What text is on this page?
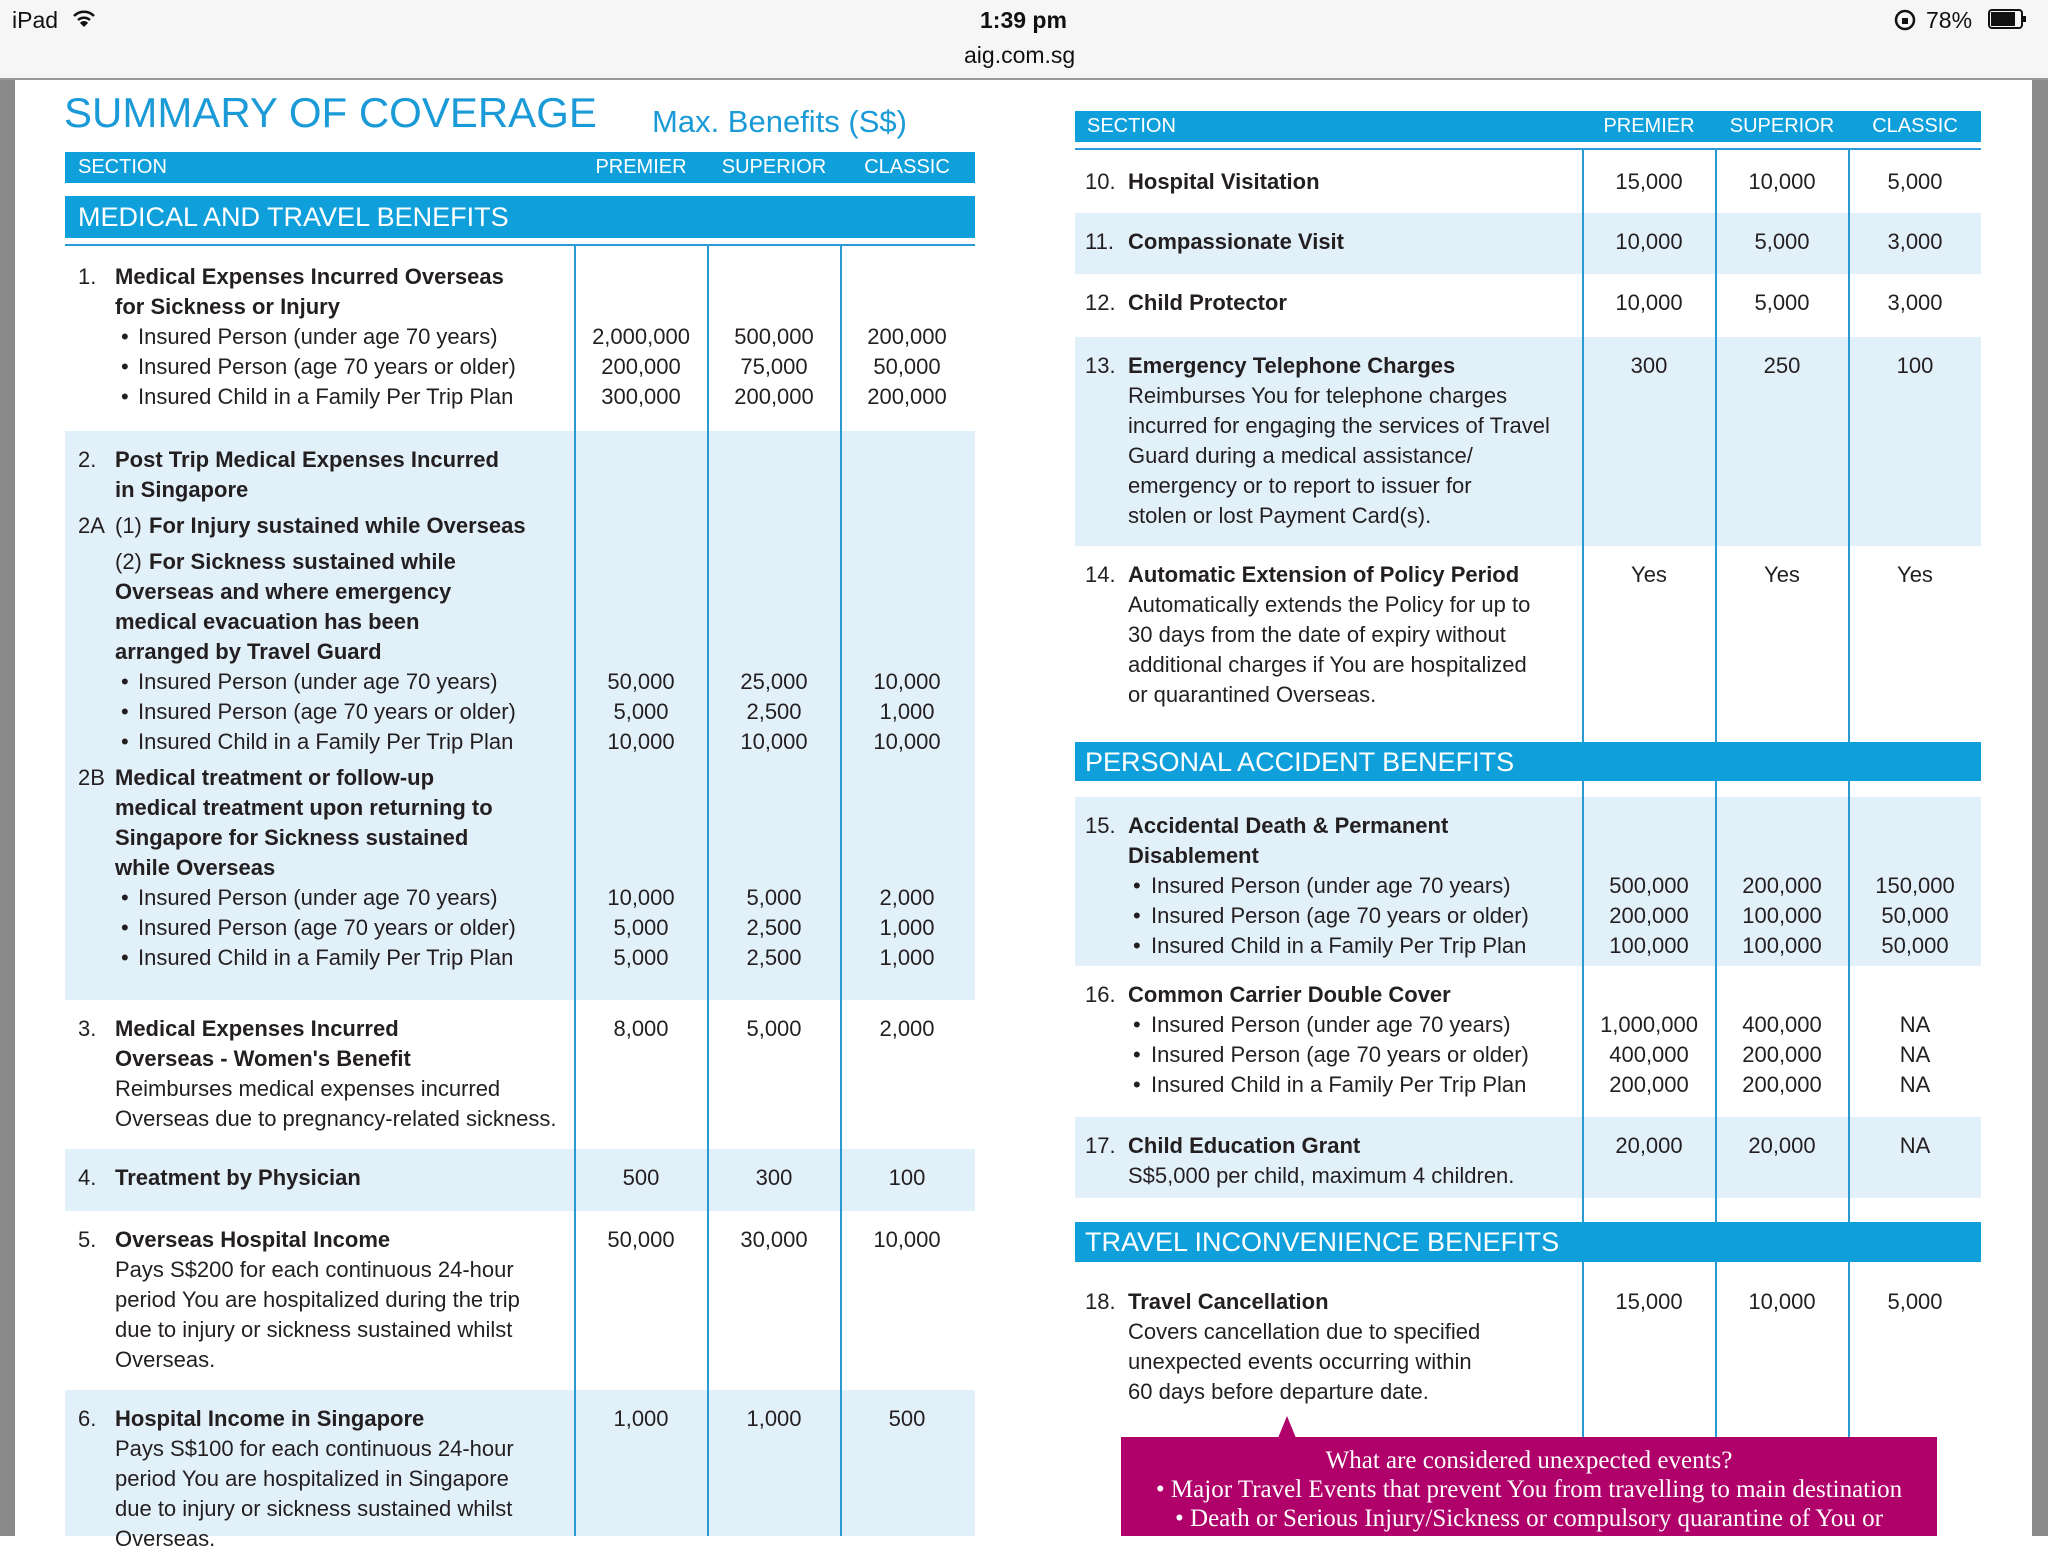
iPad	1:39 pm
aig.com.sg
78%
SUMMARY OF COVERAGE Max. Benefits (S$)
SECTION	PREMIER	SUPERIOR	CLASSIC
MEDICAL AND TRAVEL BENEFITS
SECTION	PREMIER	SUPERIOR	CLASSIC
PERSONAL ACCIDENT BENEFITS
TRAVEL INCONVENIENCE BENEFITS
1. Medical Expenses Incurred Overseas
for Sickness or Injury
• Insured Person (under age 70 years)	2,000,000	500,000	200,000
• Insured Person (age 70 years or older)	200,000	75,000	50,000
• Insured Child in a Family Per Trip Plan	300,000	200,000	200,000
2. Post Trip Medical Expenses Incurred
in Singapore
2A (1) For Injury sustained while Overseas
(2) For Sickness sustained while
Overseas and where emergency
medical evacuation has been
arranged by Travel Guard
• Insured Person (under age 70 years)	50,000	25,000	10,000
• Insured Person (age 70 years or older)	5,000	2,500	1,000
• Insured Child in a Family Per Trip Plan	10,000	10,000	10,000
2B Medical treatment or follow-up
medical treatment upon returning to
Singapore for Sickness sustained
while Overseas
• Insured Person (under age 70 years)	10,000	5,000	2,000
• Insured Person (age 70 years or older)	5,000	2,500	1,000
• Insured Child in a Family Per Trip Plan	5,000	2,500	1,000
3. Medical Expenses Incurred	8,000	5,000	2,000
Overseas - Women's Benefit
Reimburses medical expenses incurred
Overseas due to pregnancy-related sickness.
4. Treatment by Physician	500	300	100
5. Overseas Hospital Income	50,000	30,000	10,000
Pays S$200 for each continuous 24-hour
period You are hospitalized during the trip
due to injury or sickness sustained whilst
Overseas.
6. Hospital Income in Singapore	1,000	1,000	500
Pays S$100 for each continuous 24-hour
period You are hospitalized in Singapore
due to injury or sickness sustained whilst
Overseas.
10. Hospital Visitation	15,000	10,000	5,000
11. Compassionate Visit	10,000	5,000	3,000
12. Child Protector	10,000	5,000	3,000
13. Emergency Telephone Charges	300	250	100
Reimburses You for telephone charges
incurred for engaging the services of Travel
Guard during a medical assistance/
emergency or to report to issuer for
stolen or lost Payment Card(s).
14. Automatic Extension of Policy Period	Yes	Yes	Yes
Automatically extends the Policy for up to
30 days from the date of expiry without
additional charges if You are hospitalized
or quarantined Overseas.
15. Accidental Death & Permanent
Disablement
• Insured Person (under age 70 years)	500,000	200,000	150,000
• Insured Person (age 70 years or older)	200,000	100,000	50,000
• Insured Child in a Family Per Trip Plan	100,000	100,000	50,000
16. Common Carrier Double Cover
• Insured Person (under age 70 years)	1,000,000	400,000	NA
• Insured Person (age 70 years or older)	400,000	200,000	NA
• Insured Child in a Family Per Trip Plan	200,000	200,000	NA
17. Child Education Grant	20,000	20,000	NA
S$5,000 per child, maximum 4 children.
18. Travel Cancellation	15,000	10,000	5,000
Covers cancellation due to specified
unexpected events occurring within
60 days before departure date.
What are considered unexpected events?
• Major Travel Events that prevent You from travelling to main destination
• Death or Serious Injury/Sickness or compulsory quarantine of You or
